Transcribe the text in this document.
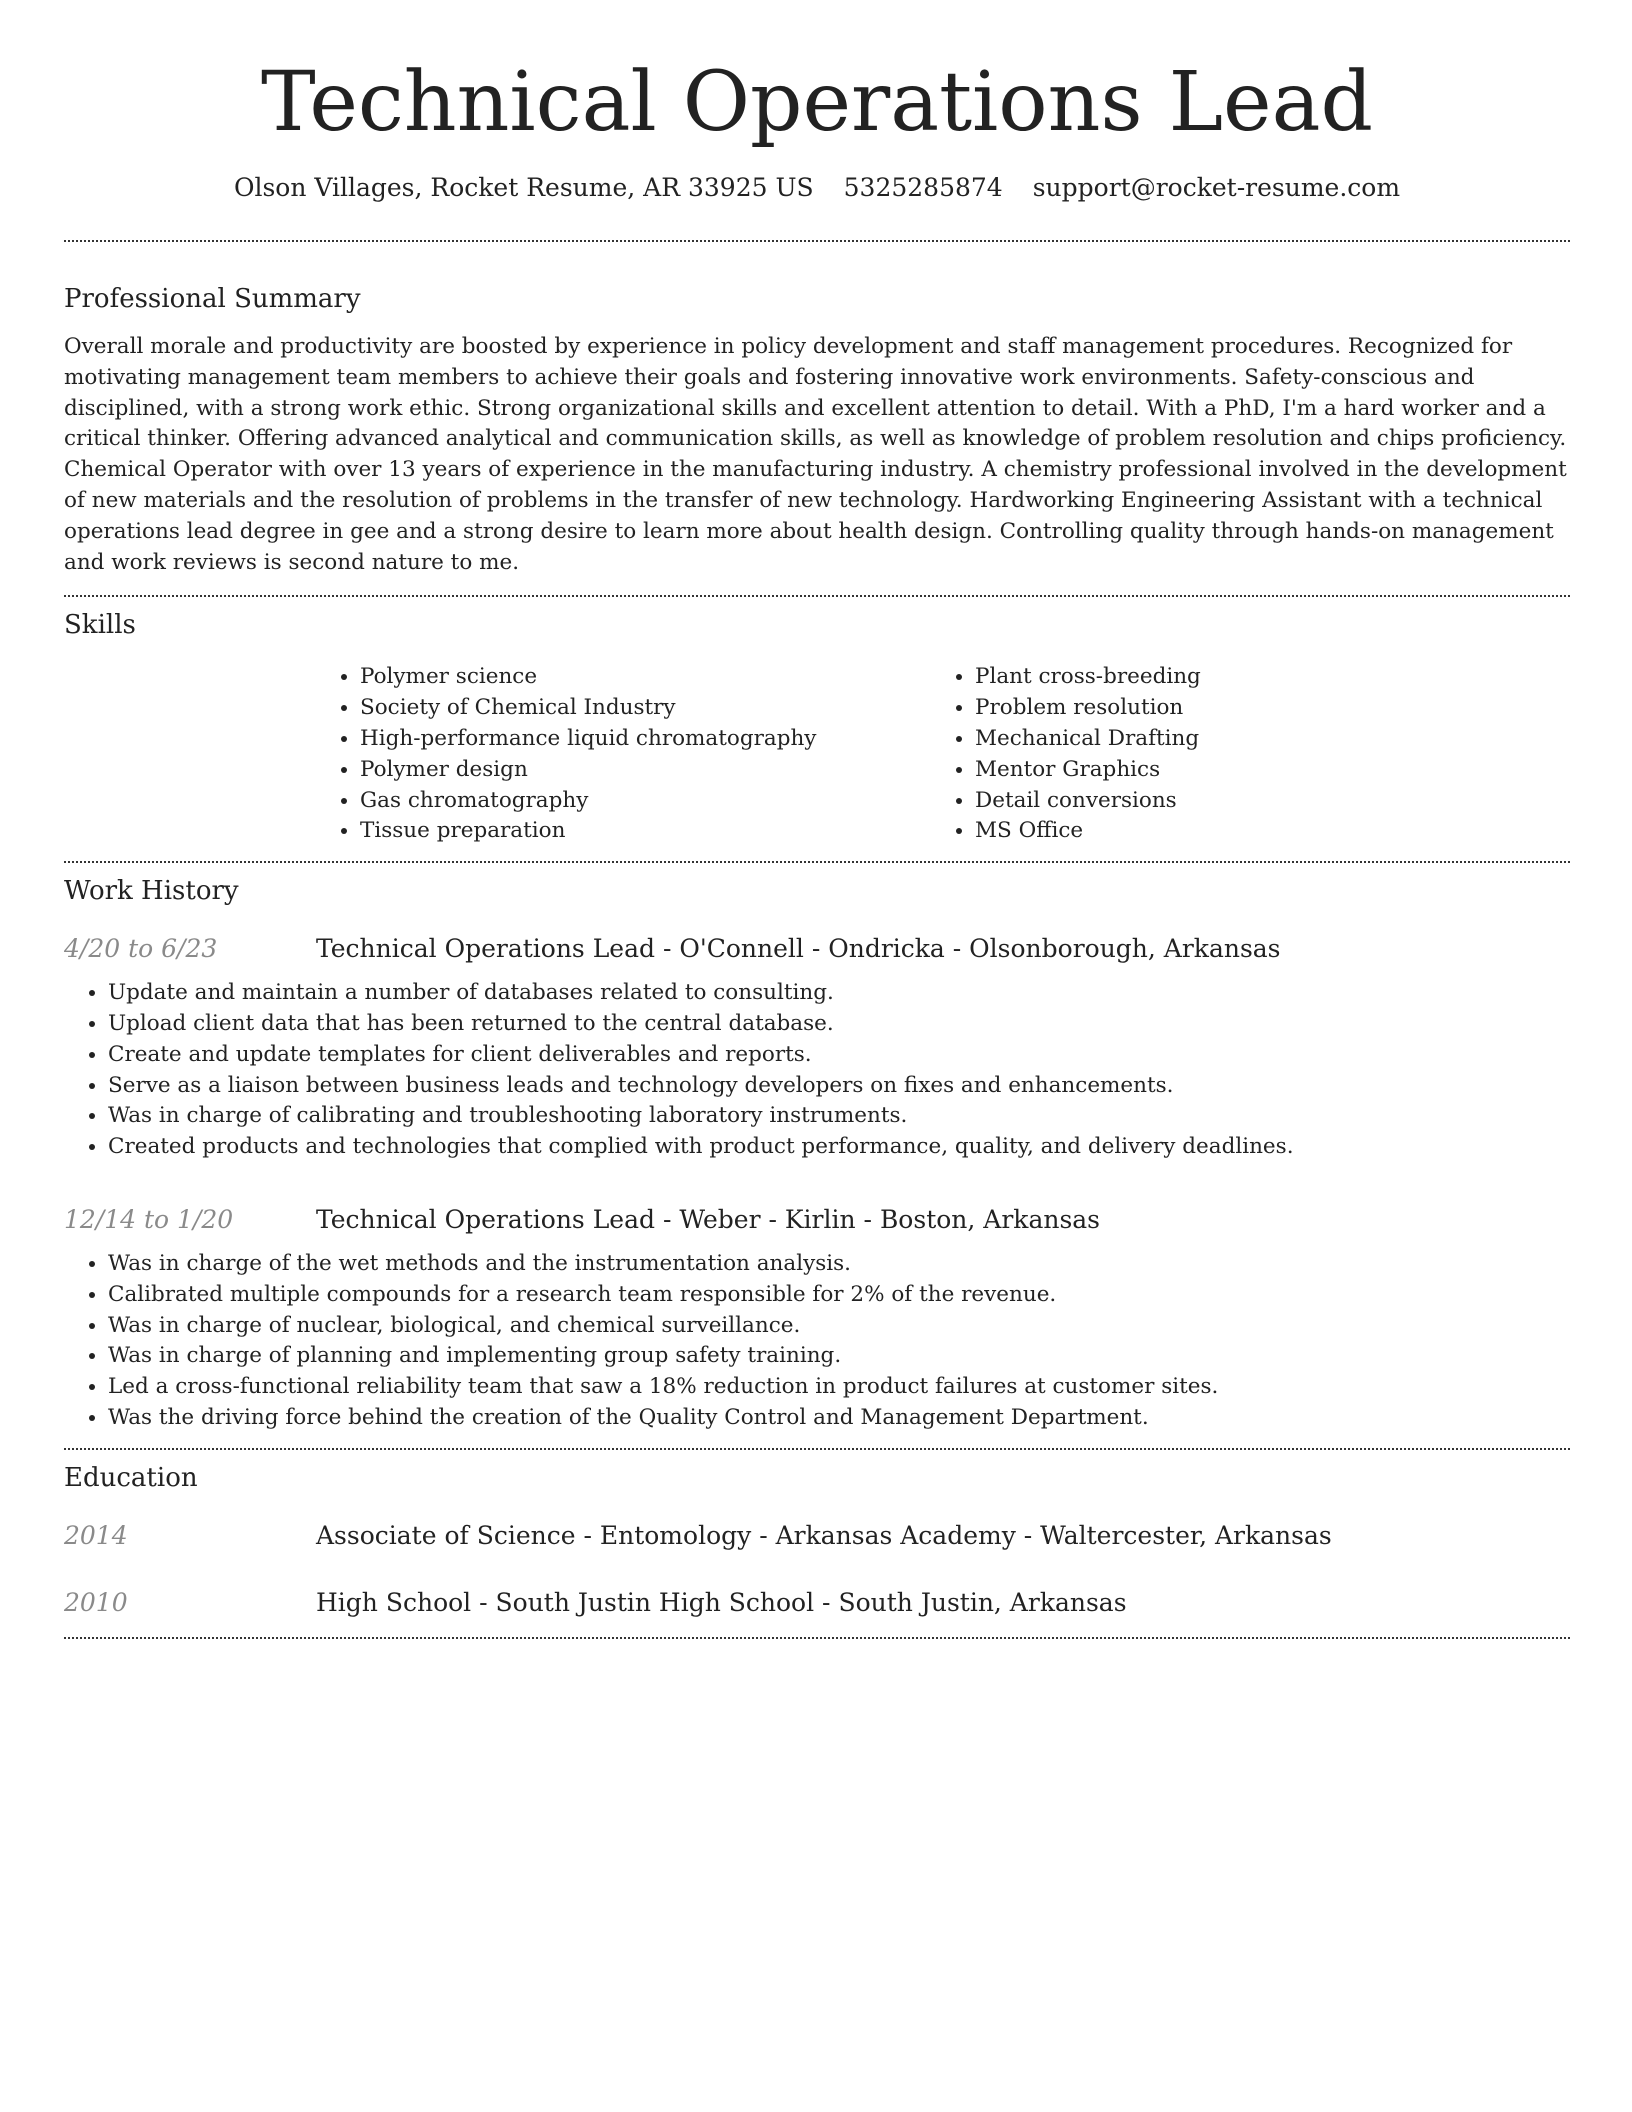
Technical Operations Lead
Olson Villages, Rocket Resume, AR 33925 US 5325285874 support@rocket-resume.com
Professional Summary

Overall morale and productivity are boosted by experience in policy development and staff management procedures. Recognized for motivating management team members to achieve their goals and fostering innovative work environments. Safety-conscious and disciplined, with a strong work ethic. Strong organizational skills and excellent attention to detail. With a PhD, I'm a hard worker and a critical thinker. Offering advanced analytical and communication skills, as well as knowledge of problem resolution and chips proficiency. Chemical Operator with over 13 years of experience in the manufacturing industry. A chemistry professional involved in the development of new materials and the resolution of problems in the transfer of new technology. Hardworking Engineering Assistant with a technical operations lead degree in gee and a strong desire to learn more about health design. Controlling quality through hands-on management and work reviews is second nature to me.

Skills
• Polymer science
• Society of Chemical Industry
• High-performance liquid chromatography
• Polymer design
• Gas chromatography
• Tissue preparation
• Plant cross-breeding
• Problem resolution
• Mechanical Drafting
• Mentor Graphics
• Detail conversions
• MS Office
Work History
4/20 to 6/23	Technical Operations Lead - O'Connell - Ondricka - Olsonborough, Arkansas
• Update and maintain a number of databases related to consulting.
• Upload client data that has been returned to the central database.
• Create and update templates for client deliverables and reports.
• Serve as a liaison between business leads and technology developers on fixes and enhancements.
• Was in charge of calibrating and troubleshooting laboratory instruments.
• Created products and technologies that complied with product performance, quality, and delivery deadlines.
12/14 to 1/20	Technical Operations Lead - Weber - Kirlin - Boston, Arkansas
• Was in charge of the wet methods and the instrumentation analysis.
• Calibrated multiple compounds for a research team responsible for 2% of the revenue.
• Was in charge of nuclear, biological, and chemical surveillance.
• Was in charge of planning and implementing group safety training.
• Led a cross-functional reliability team that saw a 18% reduction in product failures at customer sites.
• Was the driving force behind the creation of the Quality Control and Management Department.
Education
2014	Associate of Science - Entomology - Arkansas Academy - Waltercester, Arkansas
2010	High School - South Justin High School - South Justin, Arkansas
